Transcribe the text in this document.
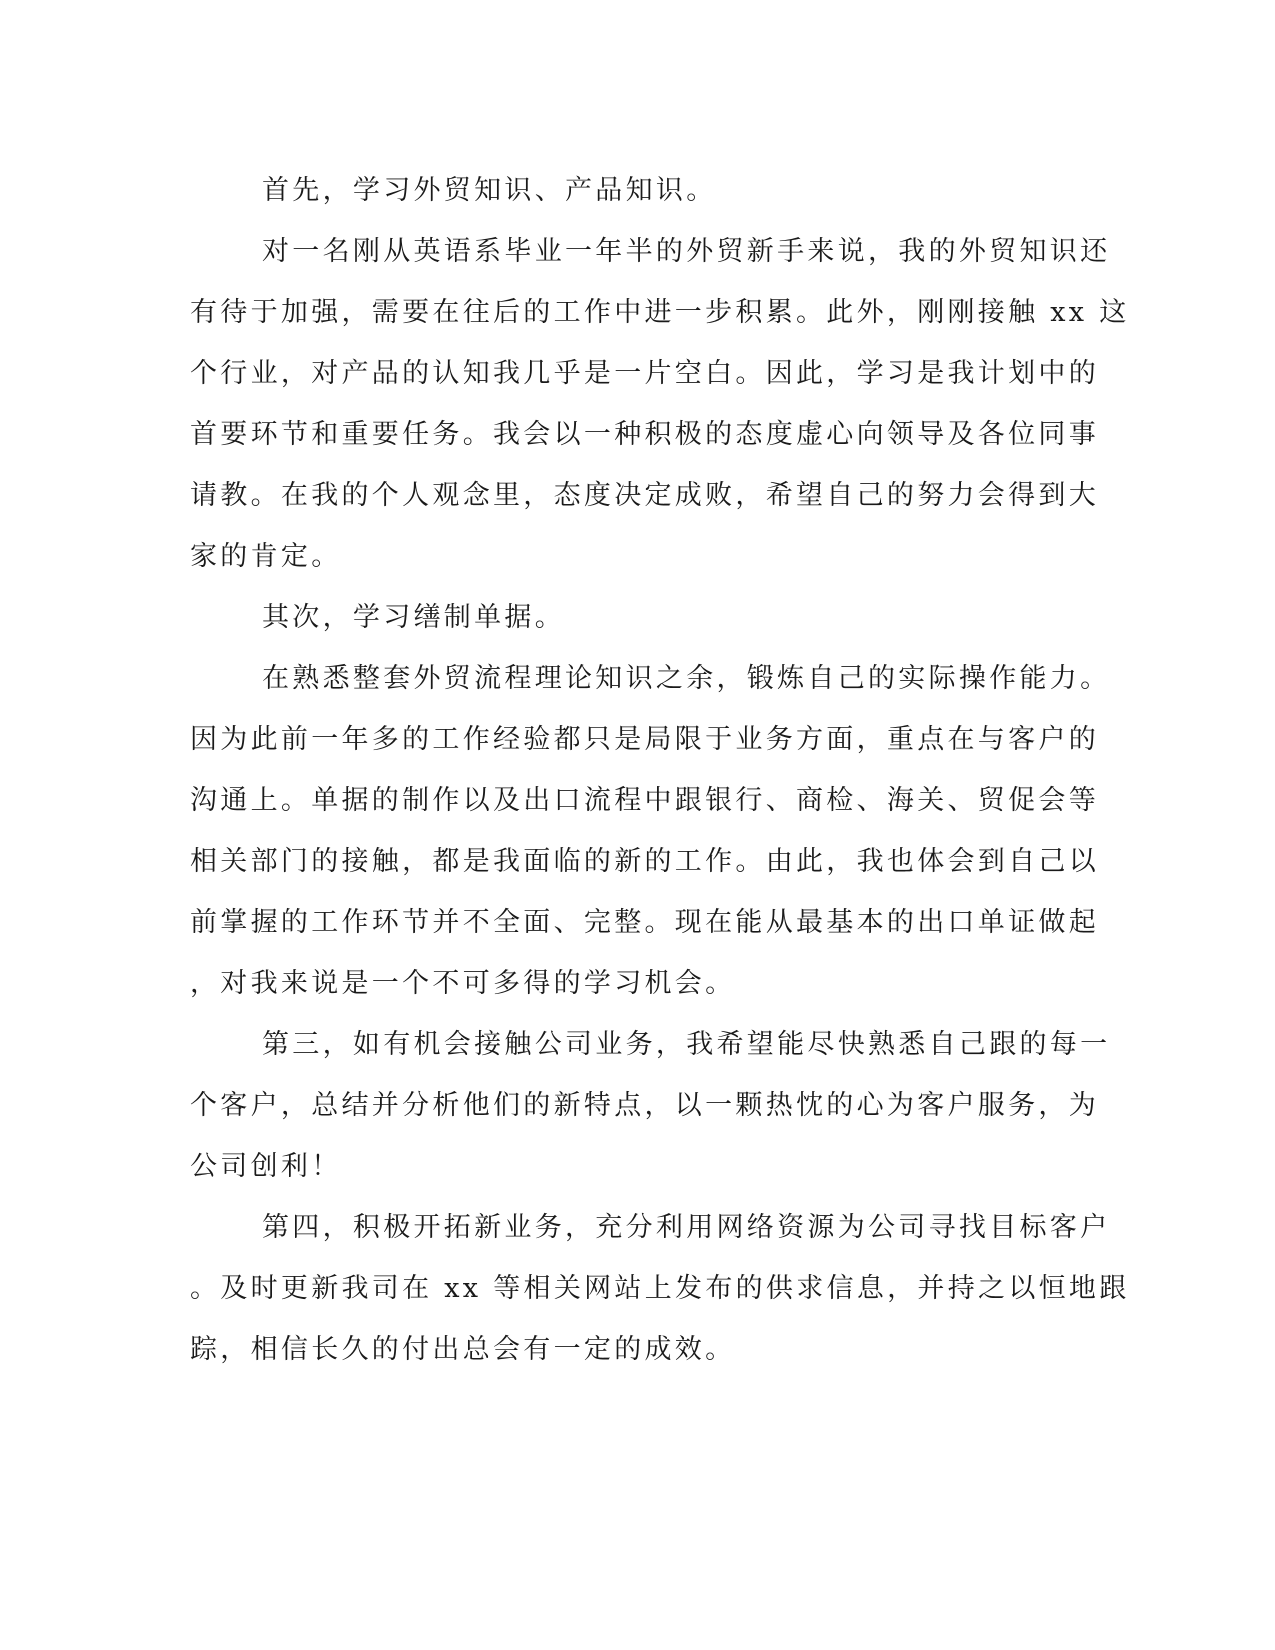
首先，学习外贸知识、产品知识。
对一名刚从英语系毕业一年半的外贸新手来说，我的外贸知识还
有待于加强，需要在往后的工作中进一步积累。此外，刚刚接触 xx 这
个行业，对产品的认知我几乎是一片空白。因此，学习是我计划中的
首要环节和重要任务。我会以一种积极的态度虚心向领导及各位同事
请教。在我的个人观念里，态度决定成败，希望自己的努力会得到大
家的肯定。
其次，学习缮制单据。
在熟悉整套外贸流程理论知识之余，锻炼自己的实际操作能力。
因为此前一年多的工作经验都只是局限于业务方面，重点在与客户的
沟通上。单据的制作以及出口流程中跟银行、商检、海关、贸促会等
相关部门的接触，都是我面临的新的工作。由此，我也体会到自己以
前掌握的工作环节并不全面、完整。现在能从最基本的出口单证做起
，对我来说是一个不可多得的学习机会。
第三，如有机会接触公司业务，我希望能尽快熟悉自己跟的每一
个客户，总结并分析他们的新特点，以一颗热忱的心为客户服务，为
公司创利！
第四，积极开拓新业务，充分利用网络资源为公司寻找目标客户
。及时更新我司在 xx 等相关网站上发布的供求信息，并持之以恒地跟
踪，相信长久的付出总会有一定的成效。
